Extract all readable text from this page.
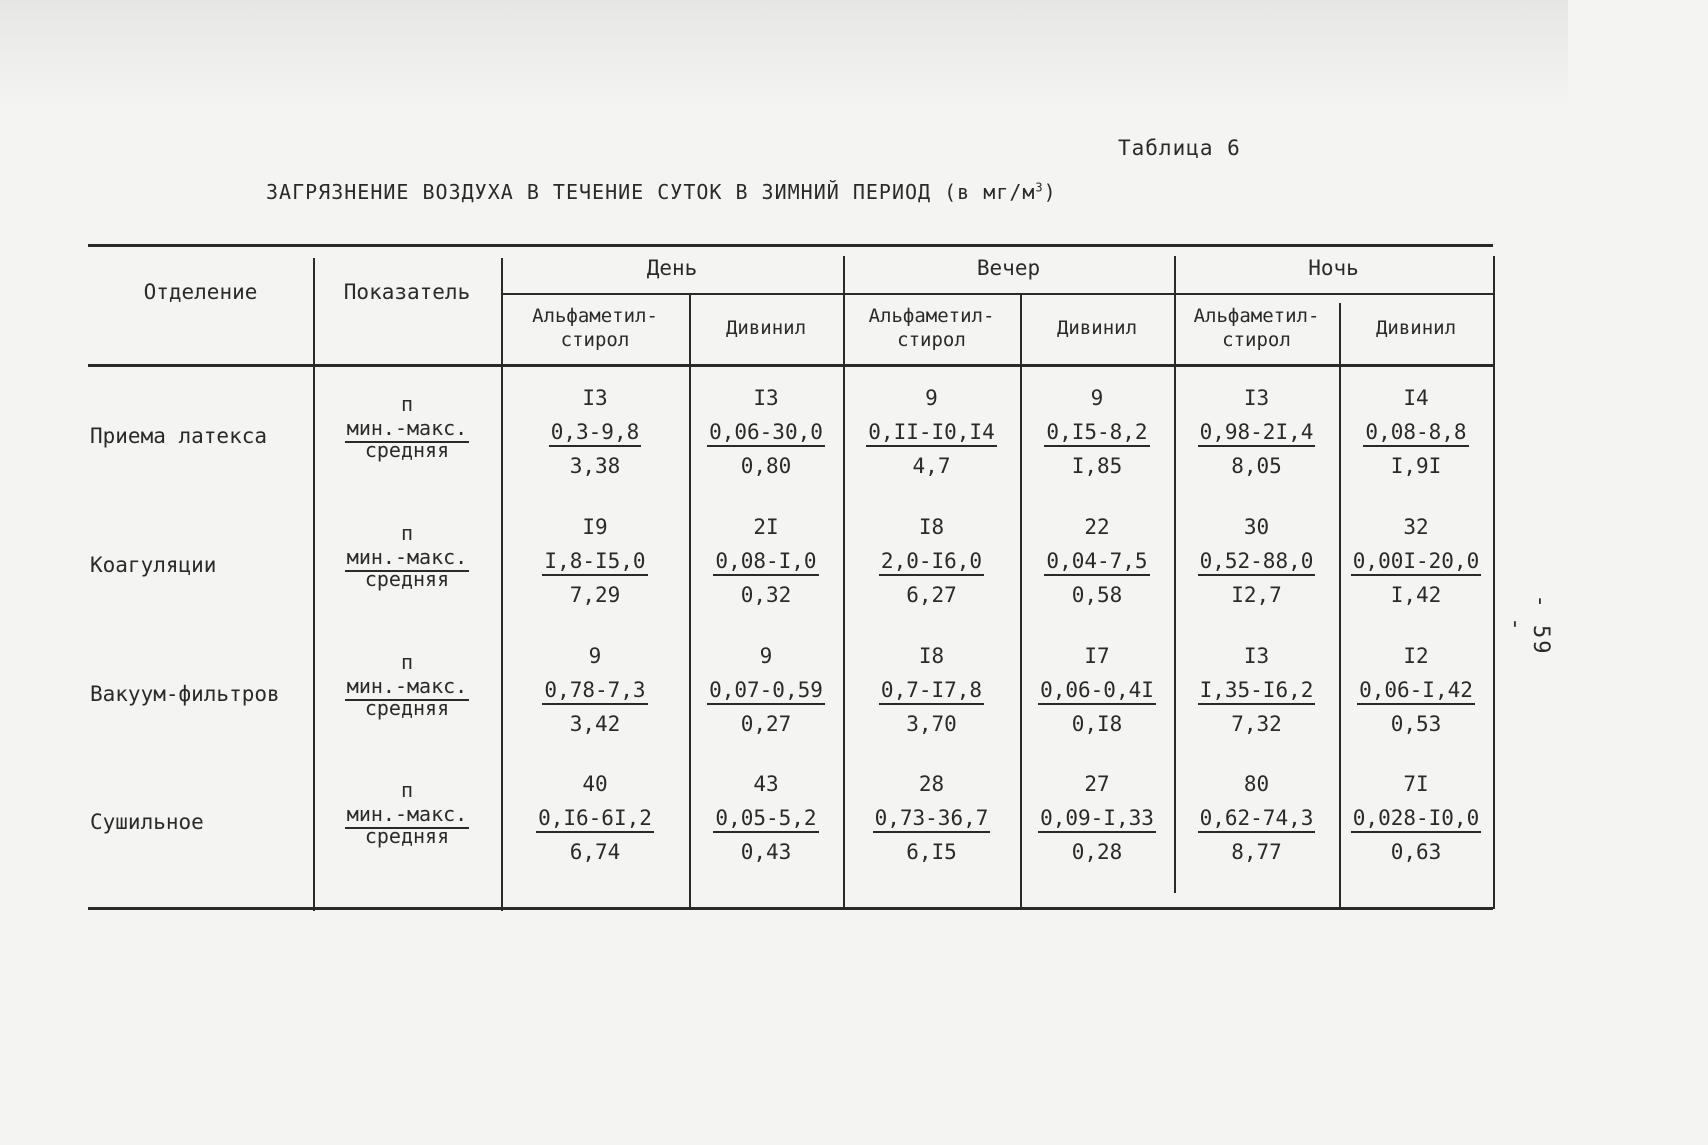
Таблица 6
ЗАГРЯЗНЕНИЕ ВОЗДУХА В ТЕЧЕНИЕ СУТОК В ЗИМНИЙ ПЕРИОД (в $мг/м^3$)
- 59 -
Отделение	Показатель
День
Альфаметил-
стирол
Дивинил
Вечер
Альфаметил-
стирол
Дивинил
Ночь
Альфаметил-
стирол
Дивинил
Приема латекса
п
мин.-макс.
средняя
I3
0,3-9,8
3,38
I3
0,06-30,0
0,80
9
0,II-I0,I4
4,7
9
0,I5-8,2
I,85
I3
0,98-2I,4
8,05
I4
0,08-8,8
I,9I
Коагуляции
п
мин.-макс.
средняя
I9
I,8-I5,0
7,29
2I
0,08-I,0
0,32
I8
2,0-I6,0
6,27
22
0,04-7,5
0,58
30
0,52-88,0
I2,7
32
0,00I-20,0
I,42
Вакуум-фильтров
п
мин.-макс.
средняя
9
0,78-7,3
3,42
9
0,07-0,59
0,27
I8
0,7-I7,8
3,70
I7
0,06-0,4I
0,I8
I3
I,35-I6,2
7,32
I2
0,06-I,42
0,53
Сушильное
п
мин.-макс.
средняя
40
0,I6-6I,2
6,74
43
0,05-5,2
0,43
28
0,73-36,7
6,I5
27
0,09-I,33
0,28
80
0,62-74,3
8,77
7I
0,028-I0,0
0,63
